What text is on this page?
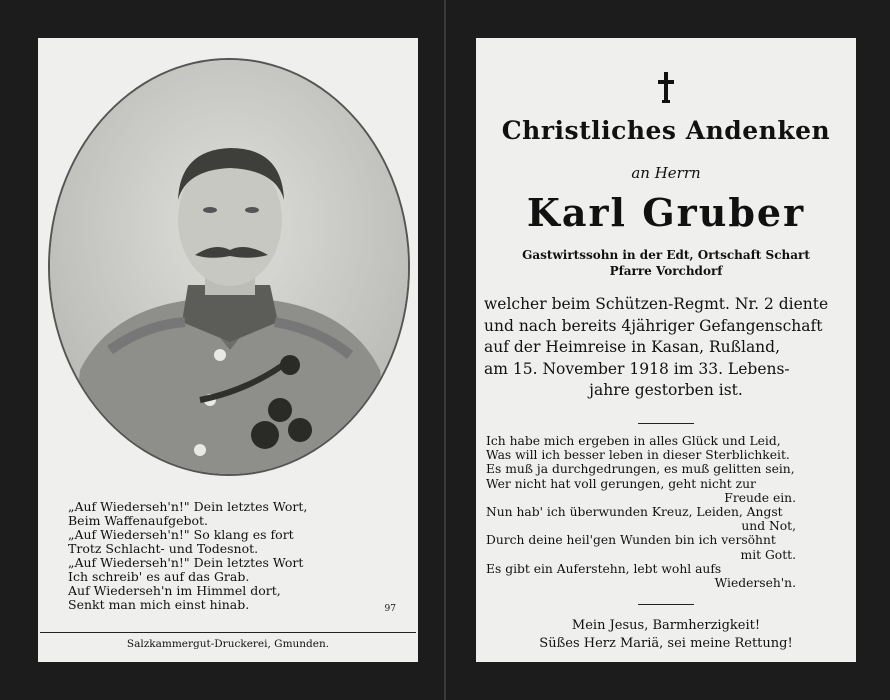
„Auf Wiederseh'n!" Dein letztes Wort,
Beim Waffenaufgebot.
„Auf Wiederseh'n!" So klang es fort
Trotz Schlacht- und Todesnot.
„Auf Wiederseh'n!" Dein letztes Wort
Ich schreib' es auf das Grab.
Auf Wiederseh'n im Himmel dort,
Senkt man mich einst hinab.	97
Salzkammergut-Druckerei, Gmunden.
Christliches Andenken
an Herrn
Karl Gruber
Gastwirtssohn in der Edt, Ortschaft Schart
Pfarre Vorchdorf
welcher beim Schützen-Regmt. Nr. 2 diente
und nach bereits 4jähriger Gefangenschaft
auf der Heimreise in Kasan, Rußland,
am 15. November 1918 im 33. Lebens-
jahre gestorben ist.
Ich habe mich ergeben in alles Glück und Leid,
Was will ich besser leben in dieser Sterblichkeit.
Es muß ja durchgedrungen, es muß gelitten sein,
Wer nicht hat voll gerungen, geht nicht zur
Freude ein.
Nun hab' ich überwunden Kreuz, Leiden, Angst
und Not,
Durch deine heil'gen Wunden bin ich versöhnt
mit Gott.
Es gibt ein Auferstehn, lebt wohl aufs
Wiederseh'n.
Mein Jesus, Barmherzigkeit!
Süßes Herz Mariä, sei meine Rettung!
